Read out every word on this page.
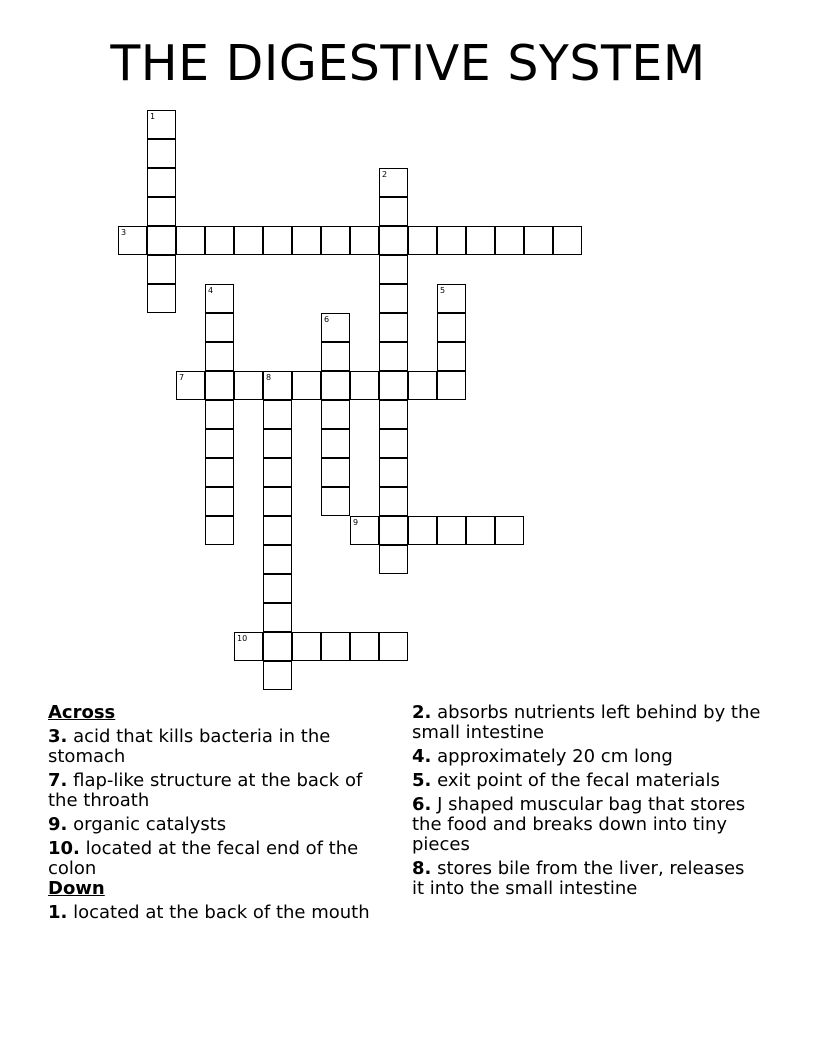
THE DIGESTIVE SYSTEM
1
2
3
4	5
6
7	8
9
10
Across
3. acid that kills bacteria in the stomach
7. flap-like structure at the back of the throath
9. organic catalysts
10. located at the fecal end of the colon
Down
1. located at the back of the mouth
2. absorbs nutrients left behind by the small intestine
4. approximately 20 cm long
5. exit point of the fecal materials
6. J shaped muscular bag that stores the food and breaks down into tiny pieces
8. stores bile from the liver, releases it into the small intestine
